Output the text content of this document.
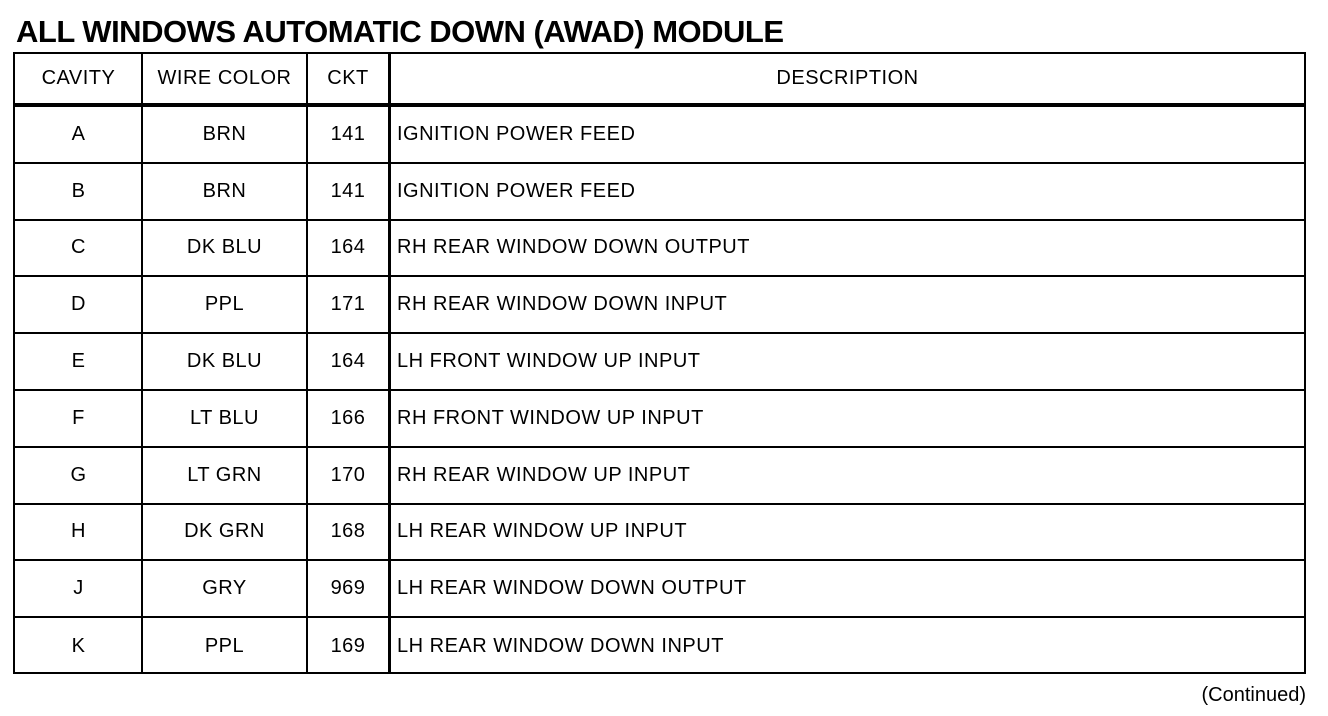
ALL WINDOWS AUTOMATIC DOWN (AWAD) MODULE
CAVITY	WIRE COLOR	CKT	DESCRIPTION
A	BRN	141	IGNITION POWER FEED
B	BRN	141	IGNITION POWER FEED
C	DK BLU	164	RH REAR WINDOW DOWN OUTPUT
D	PPL	171	RH REAR WINDOW DOWN INPUT
E	DK BLU	164	LH FRONT WINDOW UP INPUT
F	LT BLU	166	RH FRONT WINDOW UP INPUT
G	LT GRN	170	RH REAR WINDOW UP INPUT
H	DK GRN	168	LH REAR WINDOW UP INPUT
J	GRY	969	LH REAR WINDOW DOWN OUTPUT
K	PPL	169	LH REAR WINDOW DOWN INPUT
(Continued)
